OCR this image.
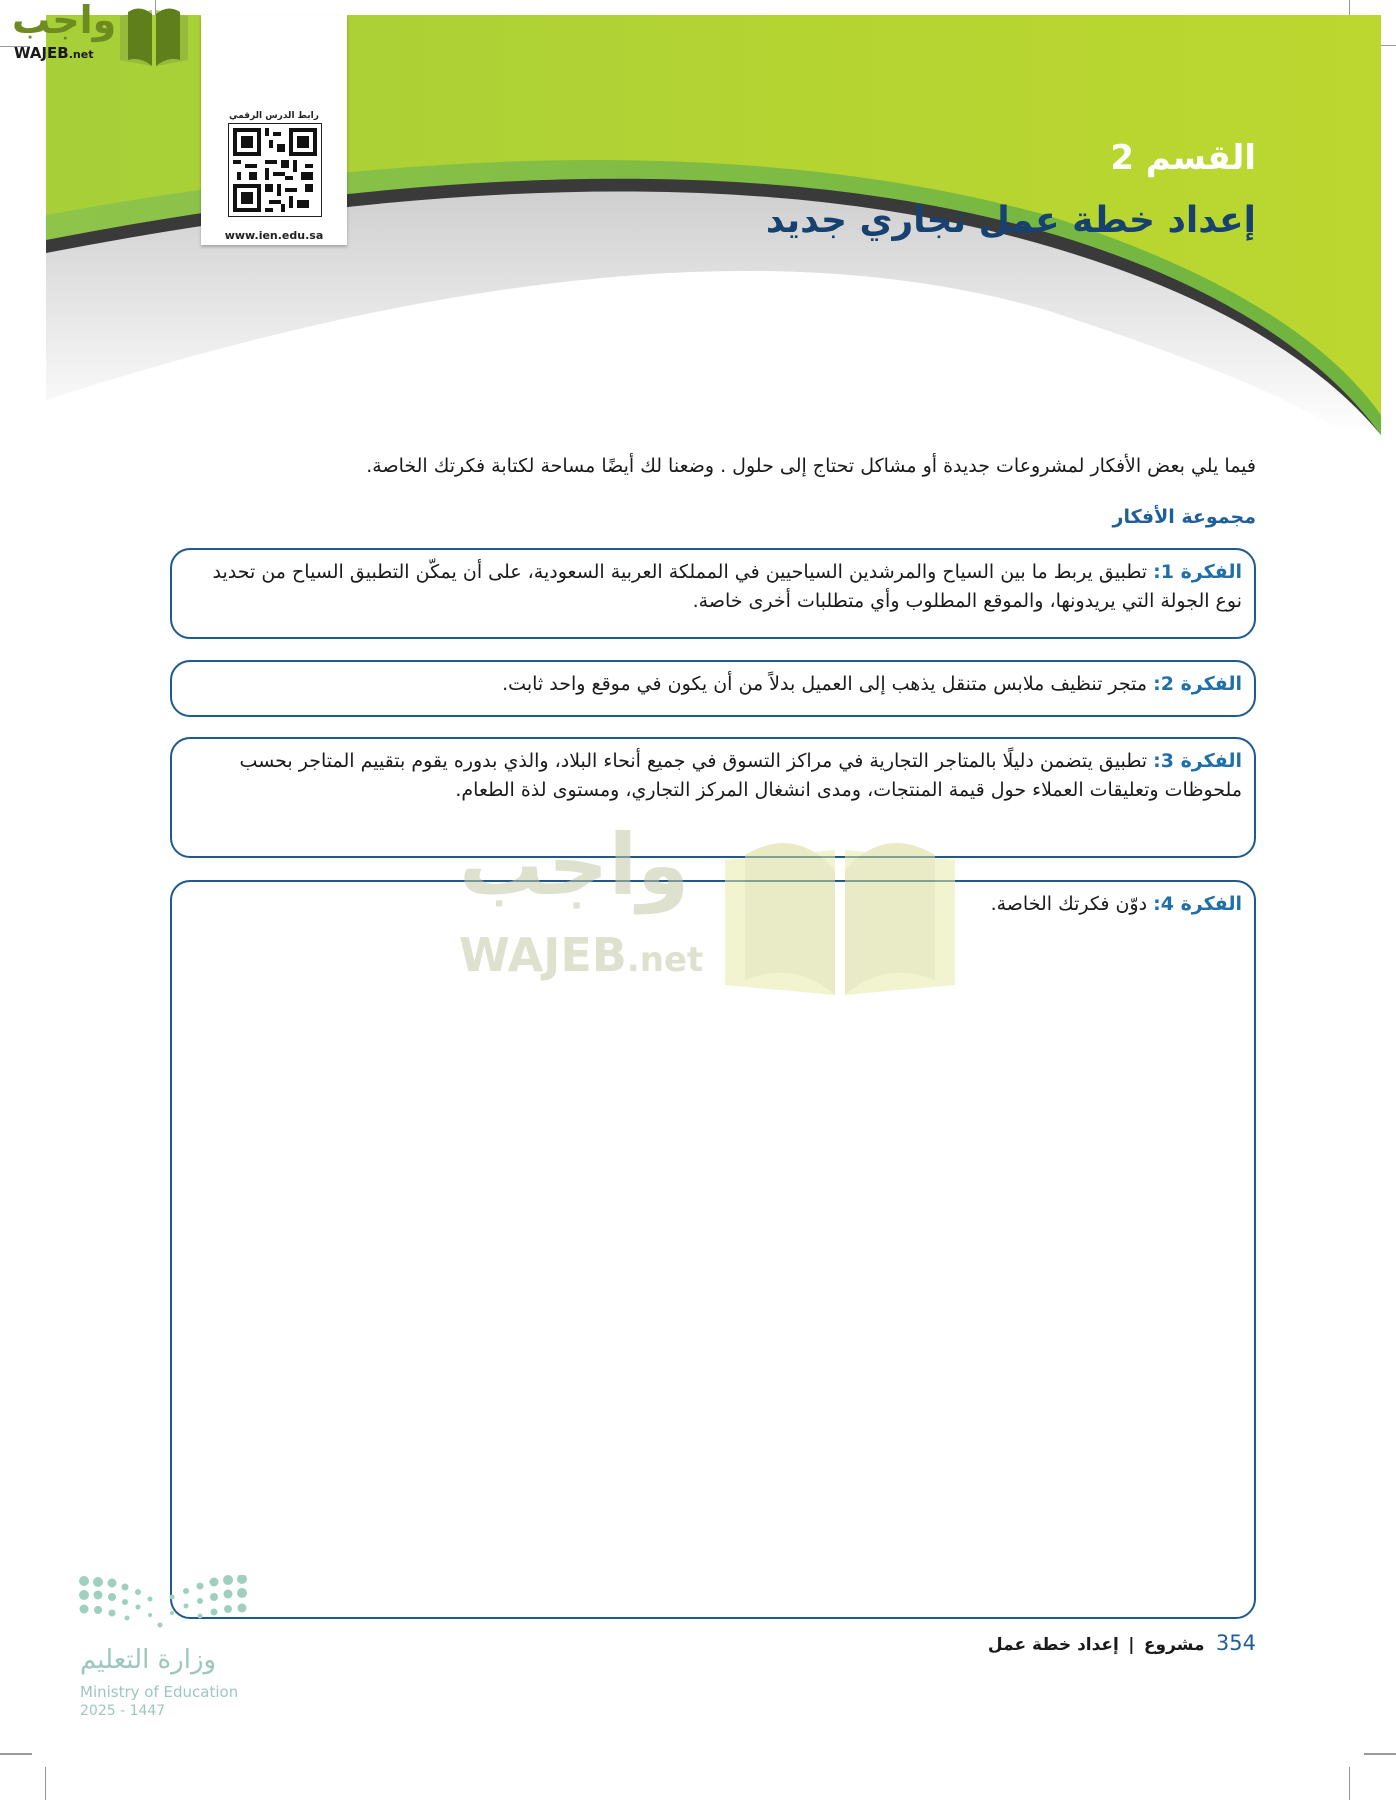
واجب
WAJEB.net
رابط الدرس الرقمي
www.ien.edu.sa
القسم 2
إعداد خطة عمل تجاري جديد
فيما يلي بعض الأفكار لمشروعات جديدة أو مشاكل تحتاج إلى حلول . وضعنا لك أيضًا مساحة لكتابة فكرتك الخاصة.
مجموعة الأفكار
الفكرة 1: تطبيق يربط ما بين السياح والمرشدين السياحيين في المملكة العربية السعودية، على أن يمكّن التطبيق السياح من تحديد نوع الجولة التي يريدونها، والموقع المطلوب وأي متطلبات أخرى خاصة.
الفكرة 2: متجر تنظيف ملابس متنقل يذهب إلى العميل بدلاً من أن يكون في موقع واحد ثابت.
الفكرة 3: تطبيق يتضمن دليلًا بالمتاجر التجارية في مراكز التسوق في جميع أنحاء البلاد، والذي بدوره يقوم بتقييم المتاجر بحسب ملحوظات وتعليقات العملاء حول قيمة المنتجات، ومدى انشغال المركز التجاري، ومستوى لذة الطعام.
الفكرة 4: دوّن فكرتك الخاصة.
واجب
WAJEB.net
وزارة التعليم
Ministry of Education
2025 - 1447
354 مشروع | إعداد خطة عمل
